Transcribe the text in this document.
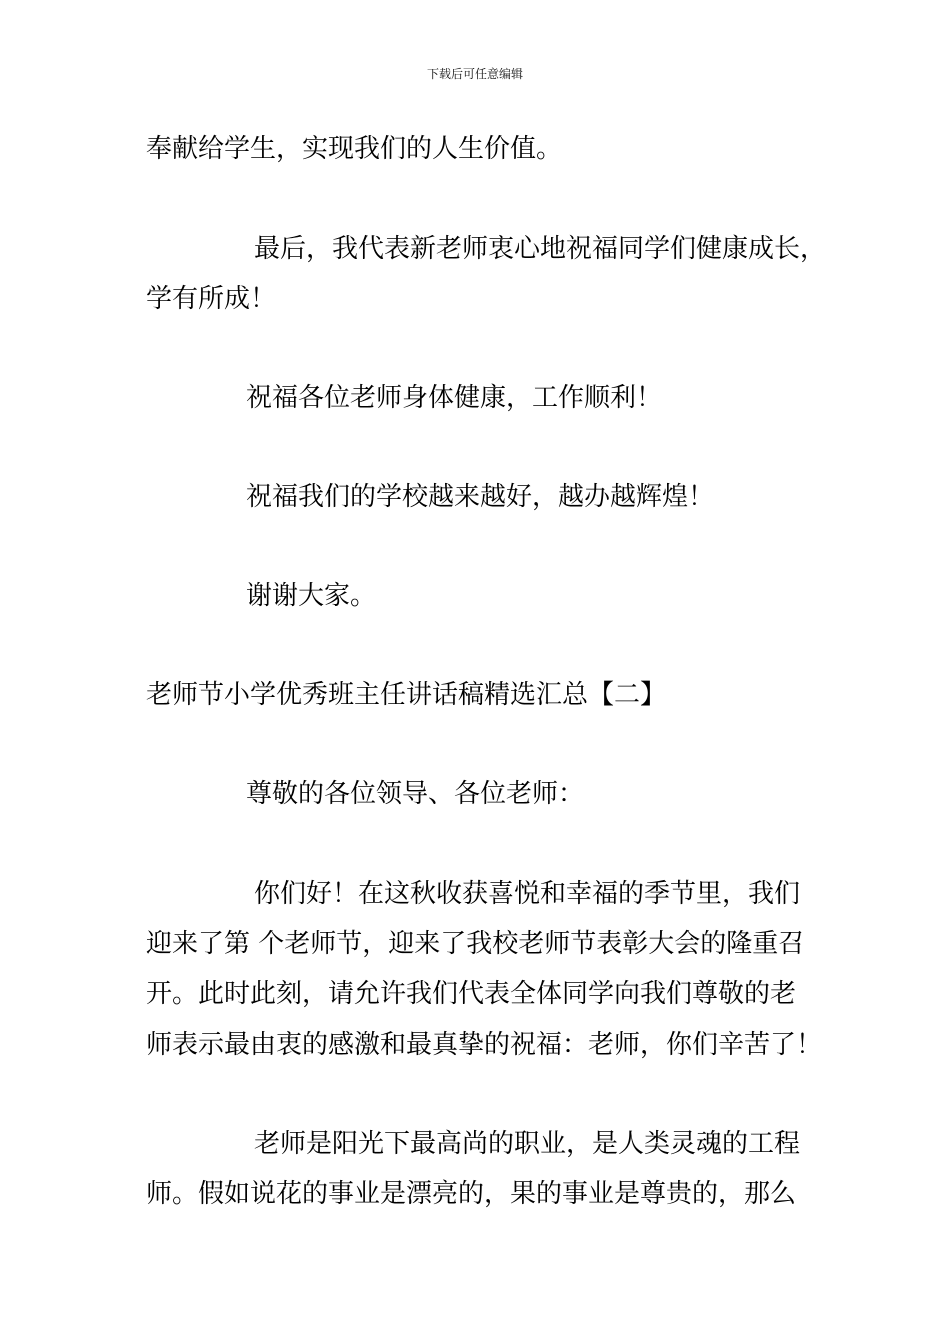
下载后可任意编辑
奉献给学生，实现我们的人生价值。
最后，我代表新老师衷心地祝福同学们健康成长，
学有所成！
祝福各位老师身体健康，工作顺利！
祝福我们的学校越来越好，越办越辉煌！
谢谢大家。
老师节小学优秀班主任讲话稿精选汇总【二】
尊敬的各位领导、各位老师：
你们好！在这秋收获喜悦和幸福的季节里，我们
迎来了第 个老师节，迎来了我校老师节表彰大会的隆重召
开。此时此刻，请允许我们代表全体同学向我们尊敬的老
师表示最由衷的感激和最真挚的祝福：老师，你们辛苦了！
老师是阳光下最高尚的职业，是人类灵魂的工程
师。假如说花的事业是漂亮的，果的事业是尊贵的，那么
